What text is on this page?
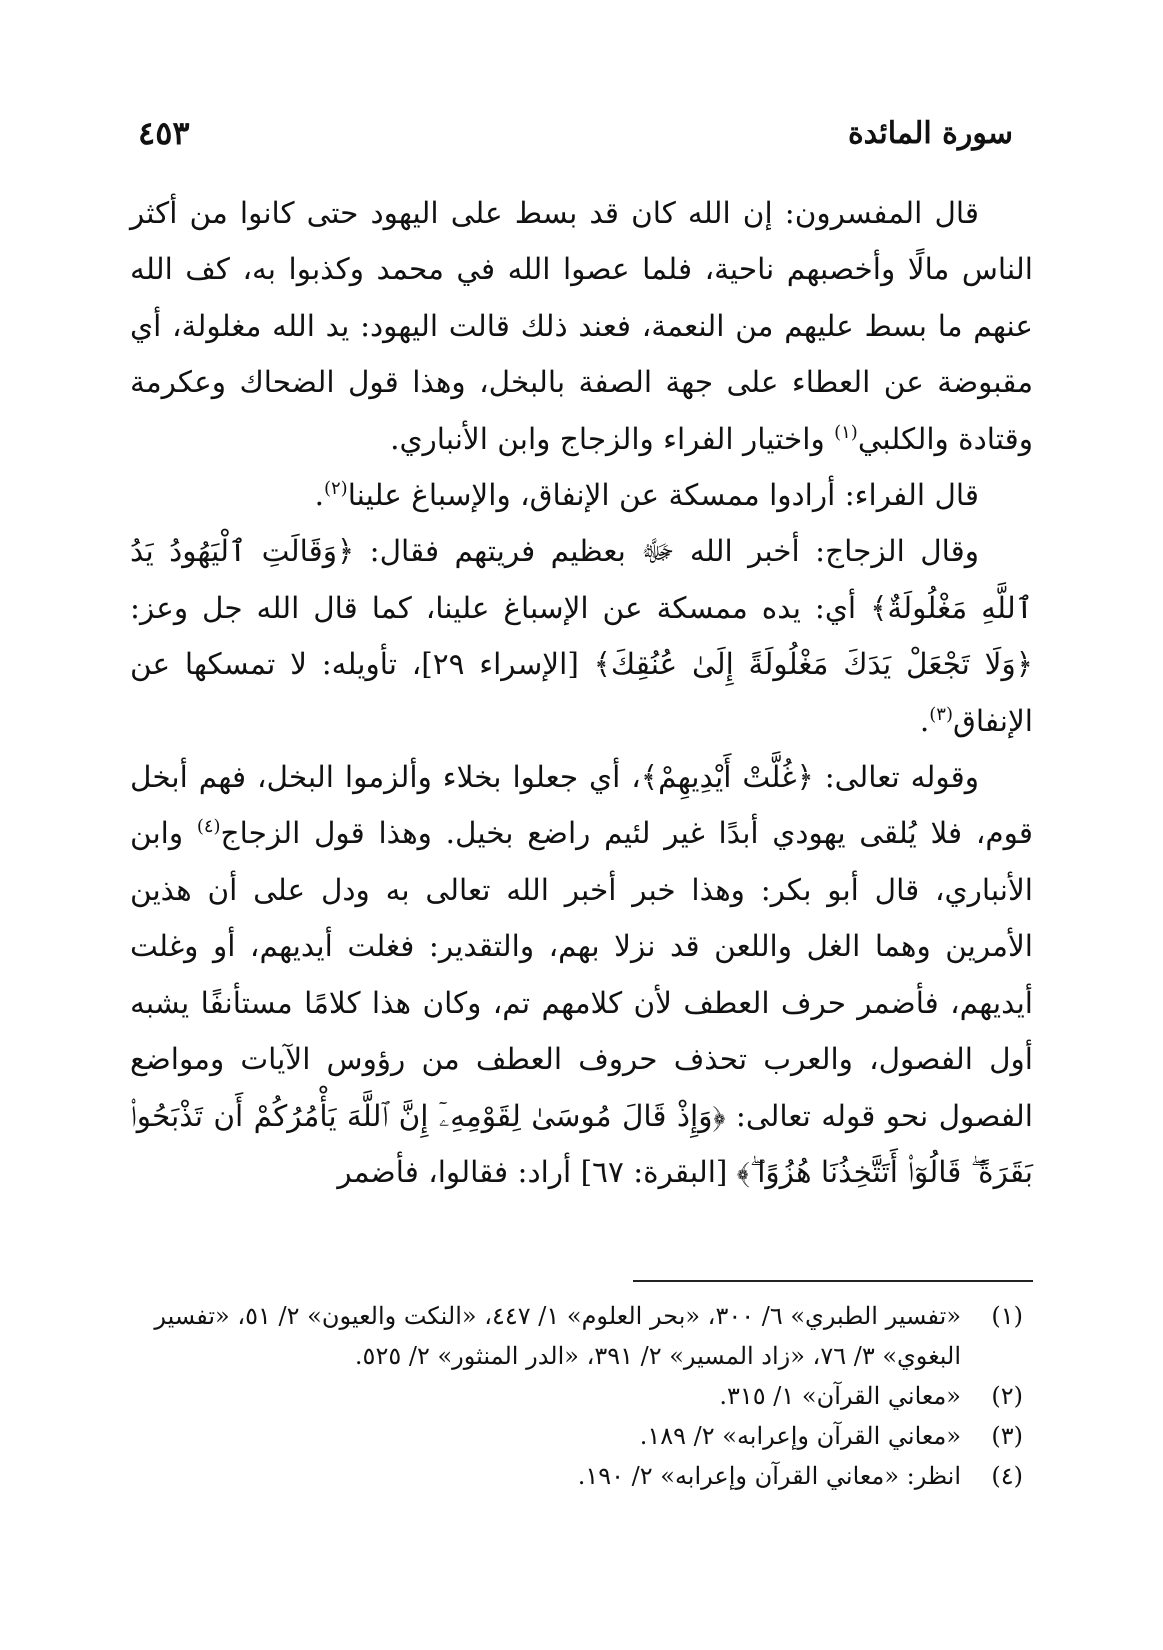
سورة المائدة
٤٥٣

قال المفسرون: إن الله كان قد بسط على اليهود حتى كانوا من أكثر الناس مالًا وأخصبهم ناحية، فلما عصوا الله في محمد وكذبوا به، كف الله عنهم ما بسط عليهم من النعمة، فعند ذلك قالت اليهود: يد الله مغلولة، أي مقبوضة عن العطاء على جهة الصفة بالبخل، وهذا قول الضحاك وعكرمة وقتادة والكلبي$^{(١)}$ واختيار الفراء والزجاج وابن الأنباري.

قال الفراء: أرادوا ممسكة عن الإنفاق، والإسباغ علينا$^{(٢)}$.

وقال الزجاج: أخبر الله ﷻ بعظيم فريتهم فقال: ﴿وَقَالَتِ ٱلْيَهُودُ يَدُ ٱللَّهِ مَغْلُولَةٌ﴾ أي: يده ممسكة عن الإسباغ علينا، كما قال الله جل وعز: ﴿وَلَا تَجْعَلْ يَدَكَ مَغْلُولَةً إِلَىٰ عُنُقِكَ﴾ [الإسراء ٢٩]، تأويله: لا تمسكها عن الإنفاق$^{(٣)}$.

وقوله تعالى: ﴿غُلَّتْ أَيْدِيهِمْ﴾، أي جعلوا بخلاء وألزموا البخل، فهم أبخل قوم، فلا يُلقى يهودي أبدًا غير لئيم راضع بخيل. وهذا قول الزجاج$^{(٤)}$ وابن الأنباري، قال أبو بكر: وهذا خبر أخبر الله تعالى به ودل على أن هذين الأمرين وهما الغل واللعن قد نزلا بهم، والتقدير: فغلت أيديهم، أو وغلت أيديهم، فأضمر حرف العطف لأن كلامهم تم، وكان هذا كلامًا مستأنفًا يشبه أول الفصول، والعرب تحذف حروف العطف من رؤوس الآيات ومواضع الفصول نحو قوله تعالى: ﴿وَإِذْ قَالَ مُوسَىٰ لِقَوْمِهِۦٓ إِنَّ ٱللَّهَ يَأْمُرُكُمْ أَن تَذْبَحُوا۟ بَقَرَةً ۖ قَالُوٓا۟ أَتَتَّخِذُنَا هُزُوًا ۖ﴾ [البقرة: ٦٧] أراد: فقالوا، فأضمر

(١)
«تفسير الطبري» ٦/ ٣٠٠، «بحر العلوم» ١/ ٤٤٧، «النكت والعيون» ٢/ ٥١، «تفسير البغوي» ٣/ ٧٦، «زاد المسير» ٢/ ٣٩١، «الدر المنثور» ٢/ ٥٢٥.
(٢)
«معاني القرآن» ١/ ٣١٥.
(٣)
«معاني القرآن وإعرابه» ٢/ ١٨٩.
(٤)
انظر: «معاني القرآن وإعرابه» ٢/ ١٩٠.
